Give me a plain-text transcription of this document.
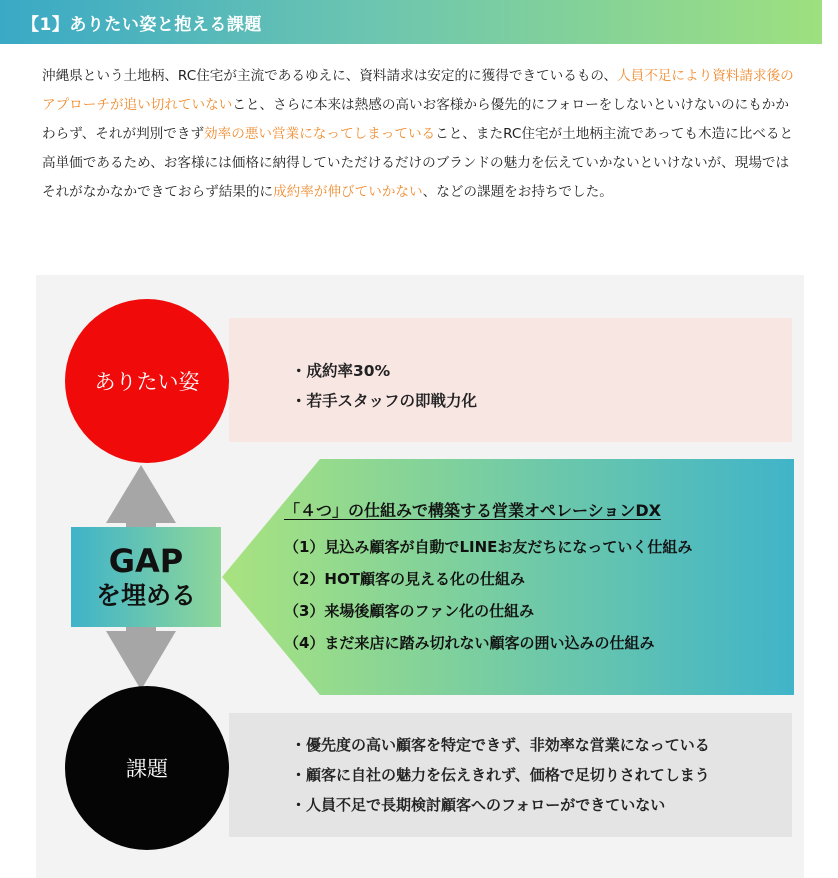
【1】ありたい姿と抱える課題

沖縄県という土地柄、RC住宅が主流であるゆえに、資料請求は安定的に獲得できているもの、人員不足により資料請求後のアプローチが追い切れていないこと、さらに本来は熱感の高いお客様から優先的にフォローをしないといけないのにもかかわらず、それが判別できず効率の悪い営業になってしまっていること、またRC住宅が土地柄主流であっても木造に比べると高単価であるため、お客様には価格に納得していただけるだけのブランドの魅力を伝えていかないといけないが、現場ではそれがなかなかできておらず結果的に成約率が伸びていかない、などの課題をお持ちでした。

・成約率30%
・若手スタッフの即戦力化
・優先度の高い顧客を特定できず、非効率な営業になっている
・顧客に自社の魅力を伝えきれず、価格で足切りされてしまう
・人員不足で長期検討顧客へのフォローができていない
「４つ」の仕組みで構築する営業オペレーションDX
（1）見込み顧客が自動でLINEお友だちになっていく仕組み
（2）HOT顧客の見える化の仕組み
（3）来場後顧客のファン化の仕組み
（4）まだ来店に踏み切れない顧客の囲い込みの仕組み
GAP
を埋める
ありたい姿
課題
